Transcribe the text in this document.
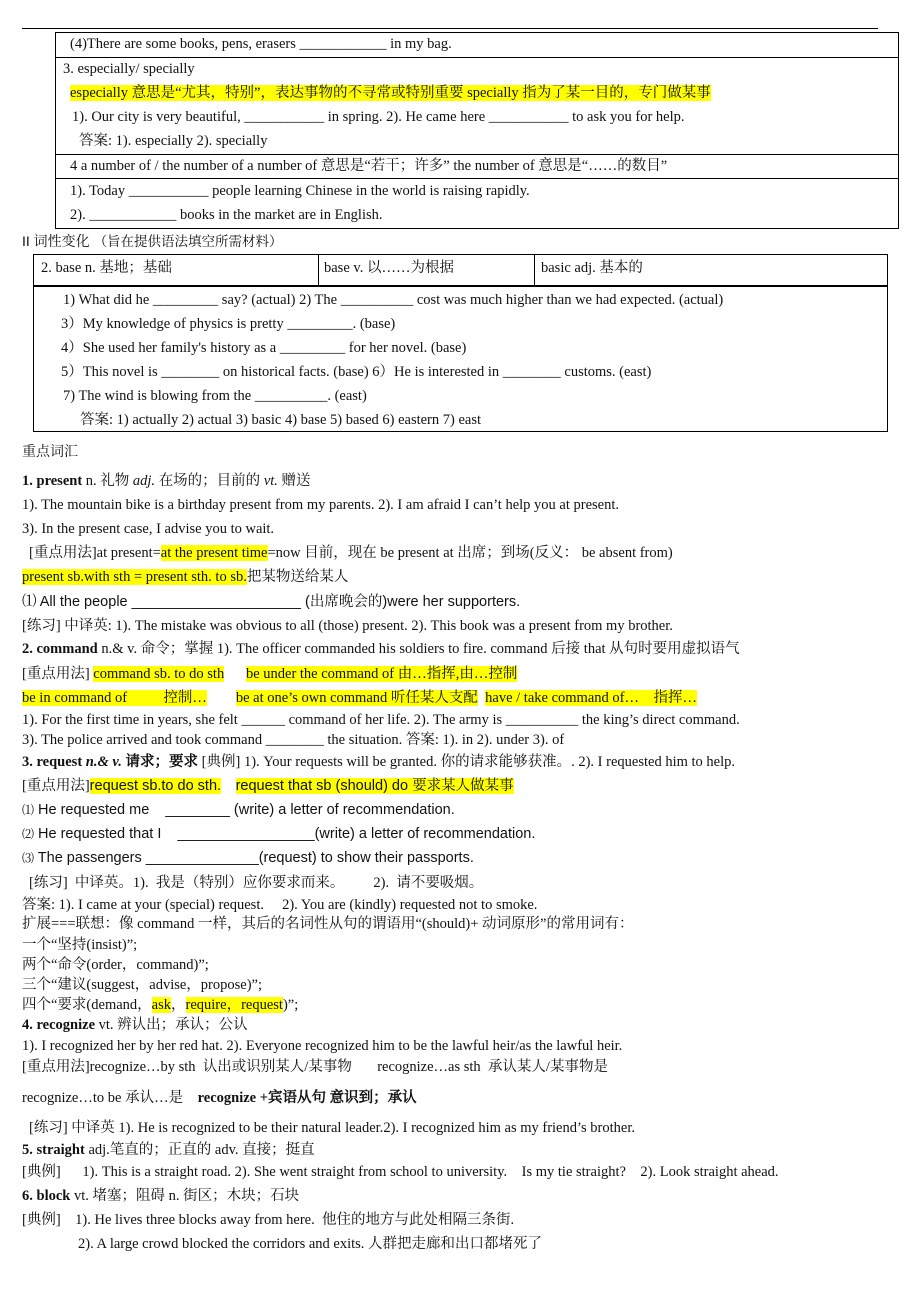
(4)There are some books, pens, erasers ____________ in my bag.
3. especially/ specially
especially 意思是“尤其，特别”，表达事物的不寻常或特别重要 specially 指为了某一目的，专门做某事
1). Our city is very beautiful, ___________ in spring. 2). He came here ___________ to ask you for help.
答案: 1). especially 2). specially
4 a number of / the number of a number of 意思是“若干；许多” the number of 意思是“……的数目”
1). Today ___________ people learning Chinese in the world is raising rapidly.
2). ____________ books in the market are in English.
II 词性变化 （旨在提供语法填空所需材料）
2. base n. 基地；基础	base v. 以……为根据	basic adj. 基本的
1) What did he _________ say? (actual) 2) The __________ cost was much higher than we had expected. (actual)
3）My knowledge of physics is pretty _________. (base)
4）She used her family's history as a _________ for her novel. (base)
5）This novel is ________ on historical facts. (base) 6）He is interested in ________ customs. (east)
7) The wind is blowing from the __________. (east)
答案: 1) actually 2) actual 3) basic 4) base 5) based 6) eastern 7) east
重点词汇
1. present n. 礼物 adj. 在场的；目前的 vt. 赠送
1). The mountain bike is a birthday present from my parents. 2). I am afraid I can’t help you at present.
3). In the present case, I advise you to wait.
[重点用法]at present=at the present time=now 目前，现在 be present at 出席；到场(反义： be absent from)
present sb.with sth = present sth. to sb.把某物送给某人
⑴ All the people _____________________ (出席晚会的)were her supporters.
[练习] 中译英: 1). The mistake was obvious to all (those) present. 2). This book was a present from my brother.
2. command n.& v. 命令；掌握 1). The officer commanded his soldiers to fire. command 后接 that 从句时要用虚拟语气
[重点用法] command sb. to do sth be under the command of 由…指挥,由…控制
be in command of          控制… be at one’s own command 听任某人支配 have / take command of…    指挥…
1). For the first time in years, she felt ______ command of her life. 2). The army is __________ the king’s direct command.
3). The police arrived and took command ________ the situation. 答案: 1). in 2). under 3). of
3. request n.& v. 请求；要求 [典例] 1). Your requests will be granted. 你的请求能够获准。. 2). I requested him to help.
[重点用法]request sb.to do sth. request that sb (should) do 要求某人做某事
⑴ He requested me    ________ (write) a letter of recommendation.
⑵ He requested that I    _________________(write) a letter of recommendation.
⑶ The passengers ______________(request) to show their passports.
[练习]  中译英。1).  我是（特别）应你要求而来。        2).  请不要吸烟。
答案: 1). I came at your (special) request.     2). You are (kindly) requested not to smoke.
扩展===联想：像 command 一样，其后的名词性从句的谓语用“(should)+ 动词原形”的常用词有：
一个“坚持(insist)”;
两个“命令(order，command)”;
三个“建议(suggest，advise，propose)”;
四个“要求(demand，ask，require，request)”;
4. recognize vt. 辨认出；承认；公认
1). I recognized her by her red hat. 2). Everyone recognized him to be the lawful heir/as the lawful heir.
[重点用法]recognize…by sth  认出或识别某人/某事物       recognize…as sth  承认某人/某事物是
recognize…to be 承认…是    recognize +宾语从句 意识到；承认
[练习] 中译英 1). He is recognized to be their natural leader.2). I recognized him as my friend’s brother.
5. straight adj.笔直的；正直的 adv. 直接；挺直
[典例]      1). This is a straight road. 2). She went straight from school to university.    Is my tie straight?    2). Look straight ahead.
6. block vt. 堵塞；阻碍 n. 街区；木块；石块
[典例]    1). He lives three blocks away from here.  他住的地方与此处相隔三条街.
2). A large crowd blocked the corridors and exits. 人群把走廊和出口都堵死了
